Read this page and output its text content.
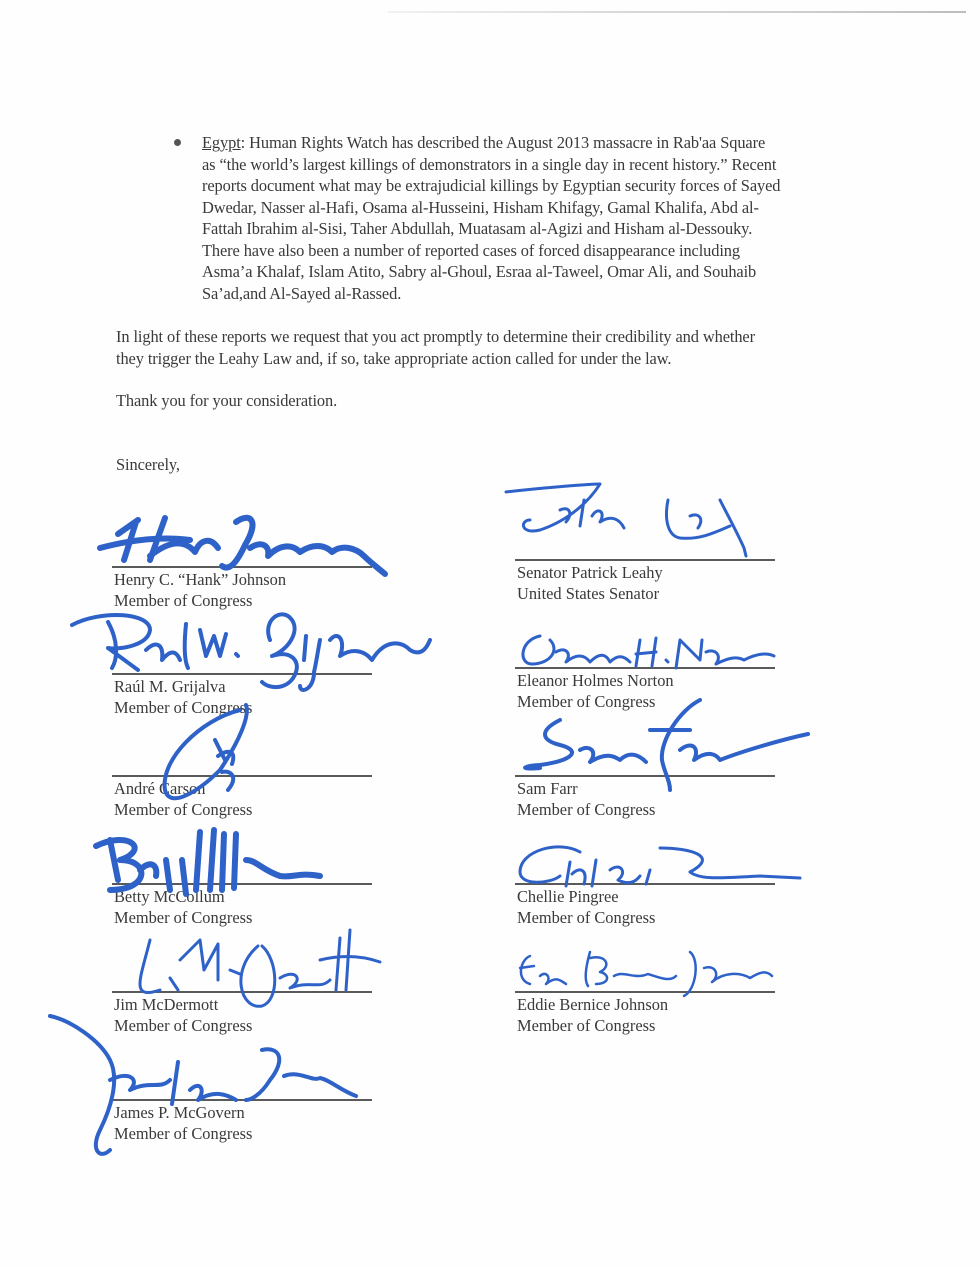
Egypt: Human Rights Watch has described the August 2013 massacre in Rab'aa Square
as “the world’s largest killings of demonstrators in a single day in recent history.” Recent
reports document what may be extrajudicial killings by Egyptian security forces of Sayed
Dwedar, Nasser al-Hafi, Osama al-Husseini, Hisham Khifagy, Gamal Khalifa, Abd al-
Fattah Ibrahim al-Sisi, Taher Abdullah, Muatasam al-Agizi and Hisham al-Dessouky.
There have also been a number of reported cases of forced disappearance including
Asma’a Khalaf, Islam Atito, Sabry al-Ghoul, Esraa al-Taweel, Omar Ali, and Souhaib
Sa’ad,and Al-Sayed al-Rassed.

In light of these reports we request that you act promptly to determine their credibility and whether
they trigger the Leahy Law and, if so, take appropriate action called for under the law.

Thank you for your consideration.

Sincerely,

Henry C. “Hank” Johnson
Member of Congress
Raúl M. Grijalva
Member of Congress
André Carson
Member of Congress
Betty McCollum
Member of Congress
Jim McDermott
Member of Congress
James P. McGovern
Member of Congress
Senator Patrick Leahy
United States Senator
Eleanor Holmes Norton
Member of Congress
Sam Farr
Member of Congress
Chellie Pingree
Member of Congress
Eddie Bernice Johnson
Member of Congress
